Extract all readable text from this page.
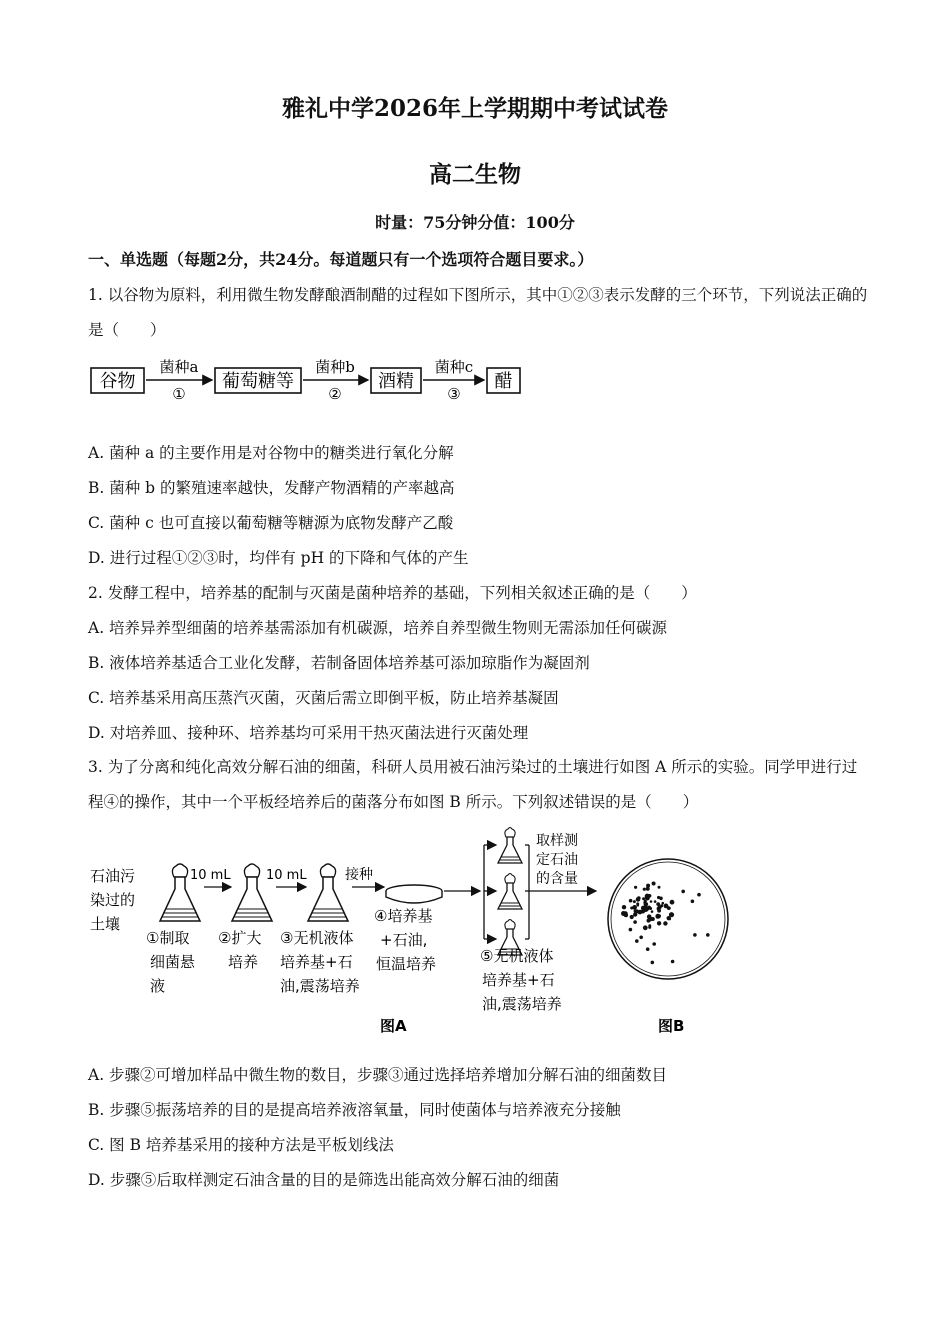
雅礼中学2026年上学期期中考试试卷
高二生物
时量：75分钟分值：100分
一、单选题（每题2分，共24分。每道题只有一个选项符合题目要求。）
1. 以谷物为原料，利用微生物发酵酿酒制醋的过程如下图所示，其中①②③表示发酵的三个环节，下列说法正确的是（　　）
谷物
菌种a
①
葡萄糖等
菌种b
②
酒精
菌种c
③
醋
A. 菌种 a 的主要作用是对谷物中的糖类进行氧化分解
B. 菌种 b 的繁殖速率越快，发酵产物酒精的产率越高
C. 菌种 c 也可直接以葡萄糖等糖源为底物发酵产乙酸
D. 进行过程①②③时，均伴有 pH 的下降和气体的产生
2. 发酵工程中，培养基的配制与灭菌是菌种培养的基础，下列相关叙述正确的是（　　）
A. 培养异养型细菌的培养基需添加有机碳源，培养自养型微生物则无需添加任何碳源
B. 液体培养基适合工业化发酵，若制备固体培养基可添加琼脂作为凝固剂
C. 培养基采用高压蒸汽灭菌，灭菌后需立即倒平板，防止培养基凝固
D. 对培养皿、接种环、培养基均可采用干热灭菌法进行灭菌处理
3. 为了分离和纯化高效分解石油的细菌，科研人员用被石油污染过的土壤进行如图 A 所示的实验。同学甲进行过程④的操作，其中一个平板经培养后的菌落分布如图 B 所示。下列叙述错误的是（　　）
石油污
染过的
土壤
10 mL	10 mL	接种
取样测
定石油
的含量
①制取
细菌悬
液
②扩大
培养
③无机液体
培养基+石
油,震荡培养
④培养基
+石油,
恒温培养	⑤无机液体
培养基+石
油,震荡培养
图A	图B
A. 步骤②可增加样品中微生物的数目，步骤③通过选择培养增加分解石油的细菌数目
B. 步骤⑤振荡培养的目的是提高培养液溶氧量，同时使菌体与培养液充分接触
C. 图 B 培养基采用的接种方法是平板划线法
D. 步骤⑤后取样测定石油含量的目的是筛选出能高效分解石油的细菌
